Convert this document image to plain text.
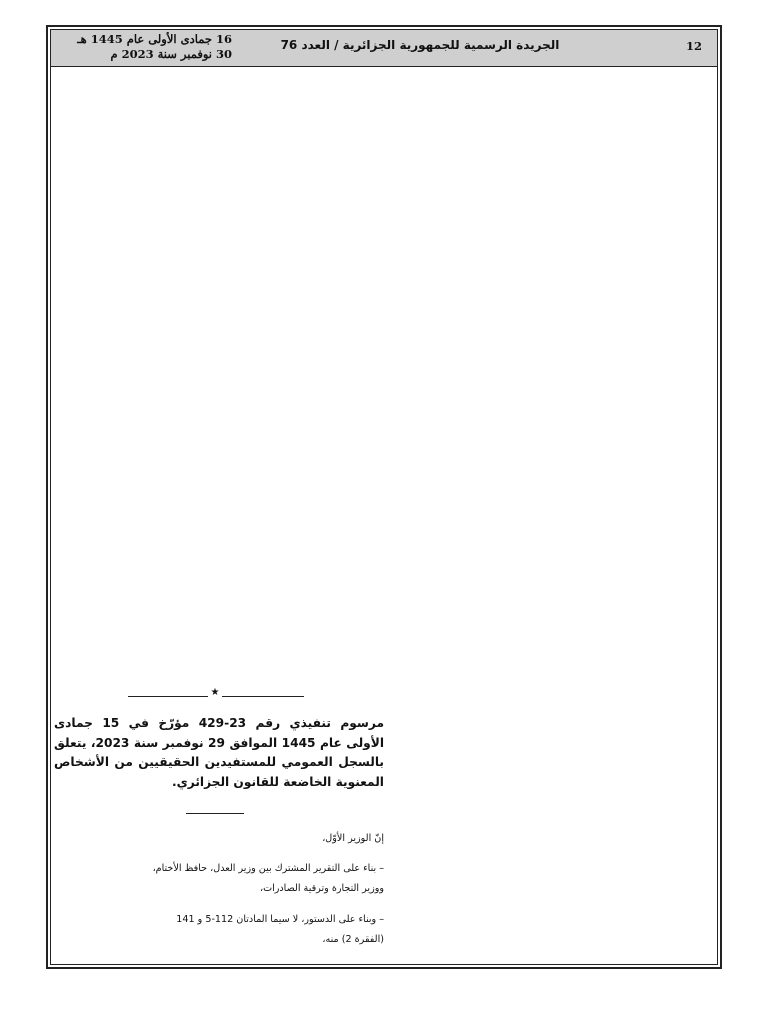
16 جمادى الأولى عام 1445 هـ
30 نوفمبر سنة 2023 م
الجريدة الرسمية للجمهورية الجزائرية / العدد 76	12
★
مرسوم تنفيذي رقم 23-429 مؤرّخ في 15 جمادى الأولى عام 1445 الموافق 29 نوفمبر سنة 2023، يتعلق بالسجل العمومي للمستفيدين الحقيقيين من الأشخاص المعنوية الخاضعة للقانون الجزائري.
إنّ الوزير الأوّل،
– بناء على التقرير المشترك بين وزير العدل، حافظ الأختام،
ووزير التجارة وترقية الصادرات،
– وبناء على الدستور، لا سيما المادتان 112-5 و 141
(الفقرة 2) منه،
